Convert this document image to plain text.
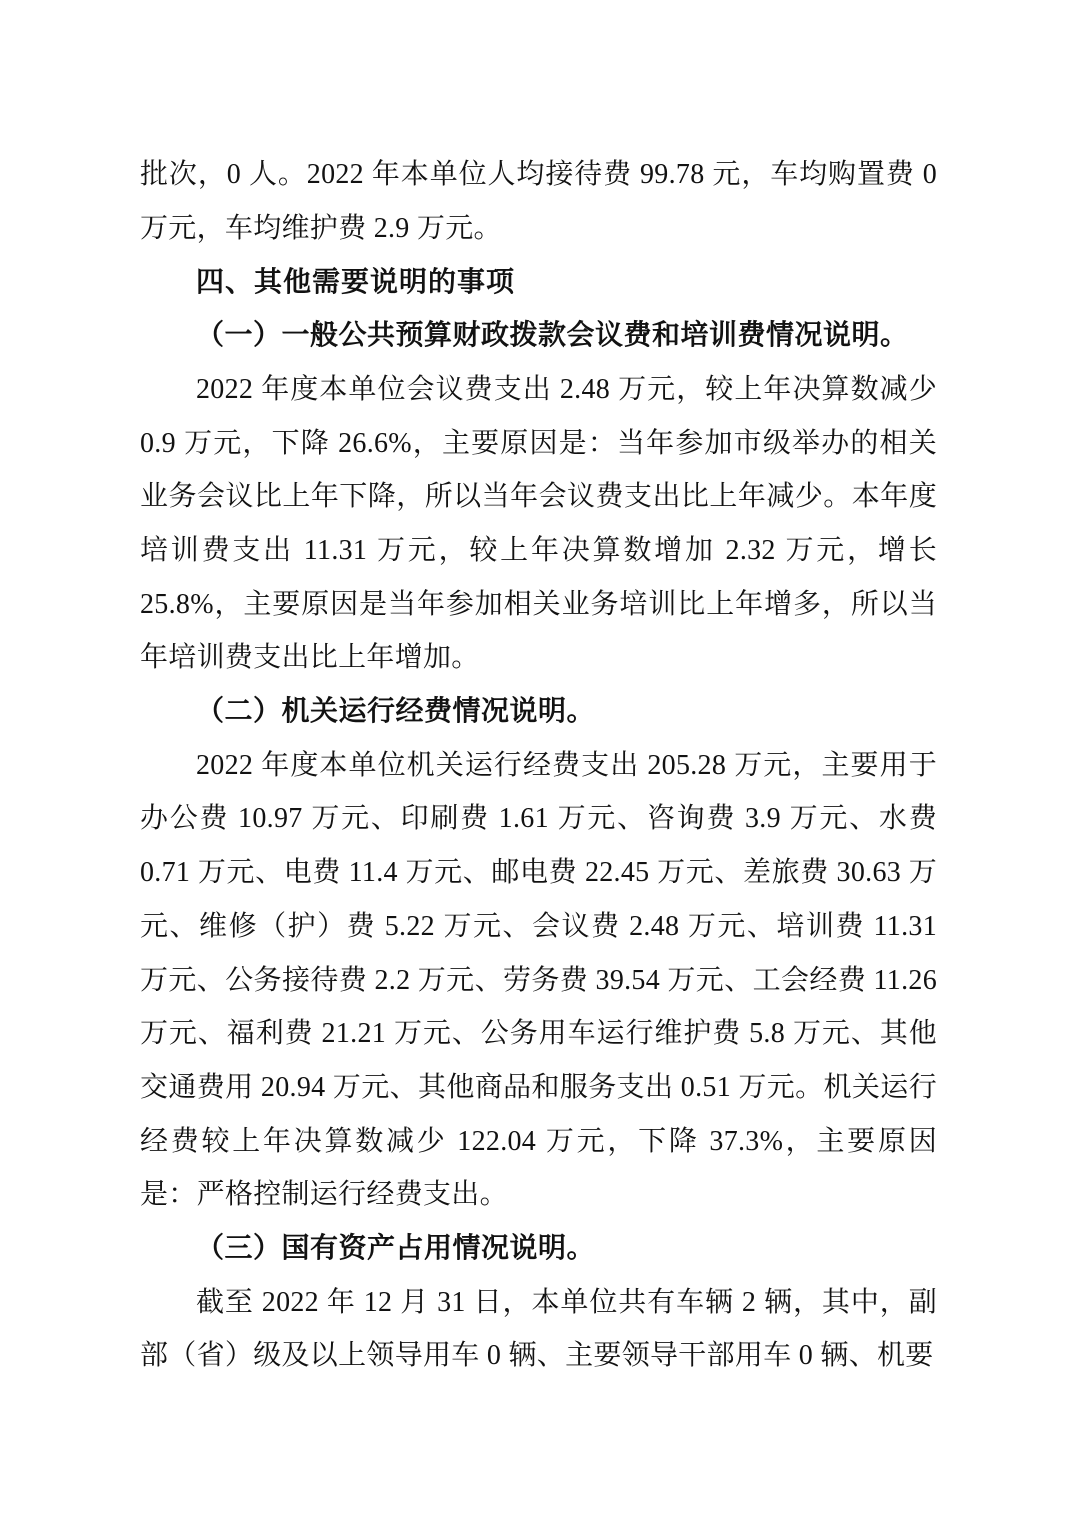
批次，0 人。2022 年本单位人均接待费 99.78 元，车均购置费 0 万元，车均维护费 2.9 万元。

四、其他需要说明的事项
（一）一般公共预算财政拨款会议费和培训费情况说明。

2022 年度本单位会议费支出 2.48 万元，较上年决算数减少 0.9 万元，下降 26.6%，主要原因是：当年参加市级举办的相关业务会议比上年下降，所以当年会议费支出比上年减少。本年度培训费支出 11.31 万元，较上年决算数增加 2.32 万元，增长 25.8%，主要原因是当年参加相关业务培训比上年增多，所以当年培训费支出比上年增加。

（二）机关运行经费情况说明。

2022 年度本单位机关运行经费支出 205.28 万元，主要用于办公费 10.97 万元、印刷费 1.61 万元、咨询费 3.9 万元、水费 0.71 万元、电费 11.4 万元、邮电费 22.45 万元、差旅费 30.63 万元、维修（护）费 5.22 万元、会议费 2.48 万元、培训费 11.31 万元、公务接待费 2.2 万元、劳务费 39.54 万元、工会经费 11.26 万元、福利费 21.21 万元、公务用车运行维护费 5.8 万元、其他交通费用 20.94 万元、其他商品和服务支出 0.51 万元。机关运行经费较上年决算数减少 122.04 万元，下降 37.3%，主要原因是：严格控制运行经费支出。

（三）国有资产占用情况说明。

截至 2022 年 12 月 31 日，本单位共有车辆 2 辆，其中，副部（省）级及以上领导用车 0 辆、主要领导干部用车 0 辆、机要
